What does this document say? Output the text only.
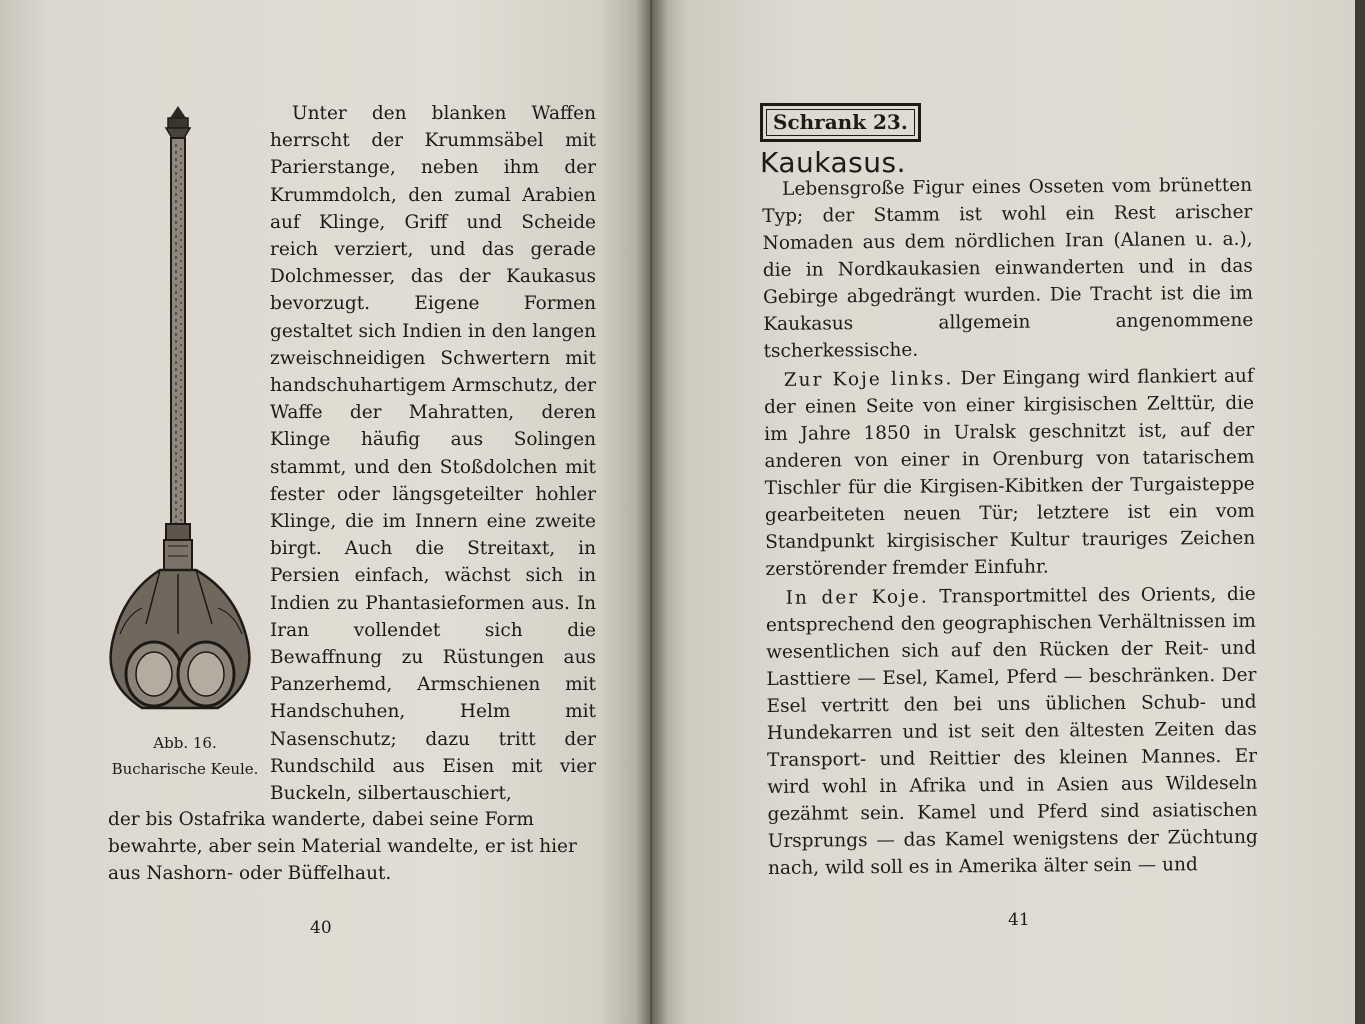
Abb. 16.
Bucharische Keule.

Unter den blanken Waffen herrscht der Krummsäbel mit Parierstange, neben ihm der Krummdolch, den zumal Arabien auf Klinge, Griff und Scheide reich verziert, und das gerade Dolchmesser, das der Kaukasus bevorzugt. Eigene Formen gestaltet sich Indien in den langen zweischneidigen Schwertern mit handschuhartigem Armschutz, der Waffe der Mahratten, deren Klinge häufig aus Solingen stammt, und den Stoßdolchen mit fester oder längsgeteilter hohler Klinge, die im Innern eine zweite birgt. Auch die Streitaxt, in Persien einfach, wächst sich in Indien zu Phantasieformen aus. In Iran vollendet sich die Bewaffnung zu Rüstungen aus Panzerhemd, Armschienen mit Handschuhen, Helm mit Nasenschutz; dazu tritt der Rundschild aus Eisen mit vier Buckeln, silbertauschiert,

der bis Ostafrika wanderte, dabei seine Form
bewahrte, aber sein Material wandelte, er ist hier
aus Nashorn- oder Büffelhaut.
40
Schrank 23.
Kaukasus.

Lebensgroße Figur eines Osseten vom brünetten Typ; der Stamm ist wohl ein Rest arischer Nomaden aus dem nördlichen Iran (Alanen u. a.), die in Nordkaukasien einwanderten und in das Gebirge abgedrängt wurden. Die Tracht ist die im Kaukasus allgemein angenommene tscherkessische.

Zur Koje links. Der Eingang wird flankiert auf der einen Seite von einer kirgisischen Zelttür, die im Jahre 1850 in Uralsk geschnitzt ist, auf der anderen von einer in Orenburg von tatarischem Tischler für die Kirgisen-Kibitken der Turgaisteppe gearbeiteten neuen Tür; letztere ist ein vom Standpunkt kirgisischer Kultur trauriges Zeichen zerstörender fremder Einfuhr.

In der Koje. Transportmittel des Orients, die entsprechend den geographischen Verhältnissen im wesentlichen sich auf den Rücken der Reit- und Lasttiere — Esel, Kamel, Pferd — beschränken. Der Esel vertritt den bei uns üblichen Schub- und Hundekarren und ist seit den ältesten Zeiten das Transport- und Reittier des kleinen Mannes. Er wird wohl in Afrika und in Asien aus Wildeseln gezähmt sein. Kamel und Pferd sind asiatischen Ursprungs — das Kamel wenigstens der Züchtung nach, wild soll es in Amerika älter sein — und

41
